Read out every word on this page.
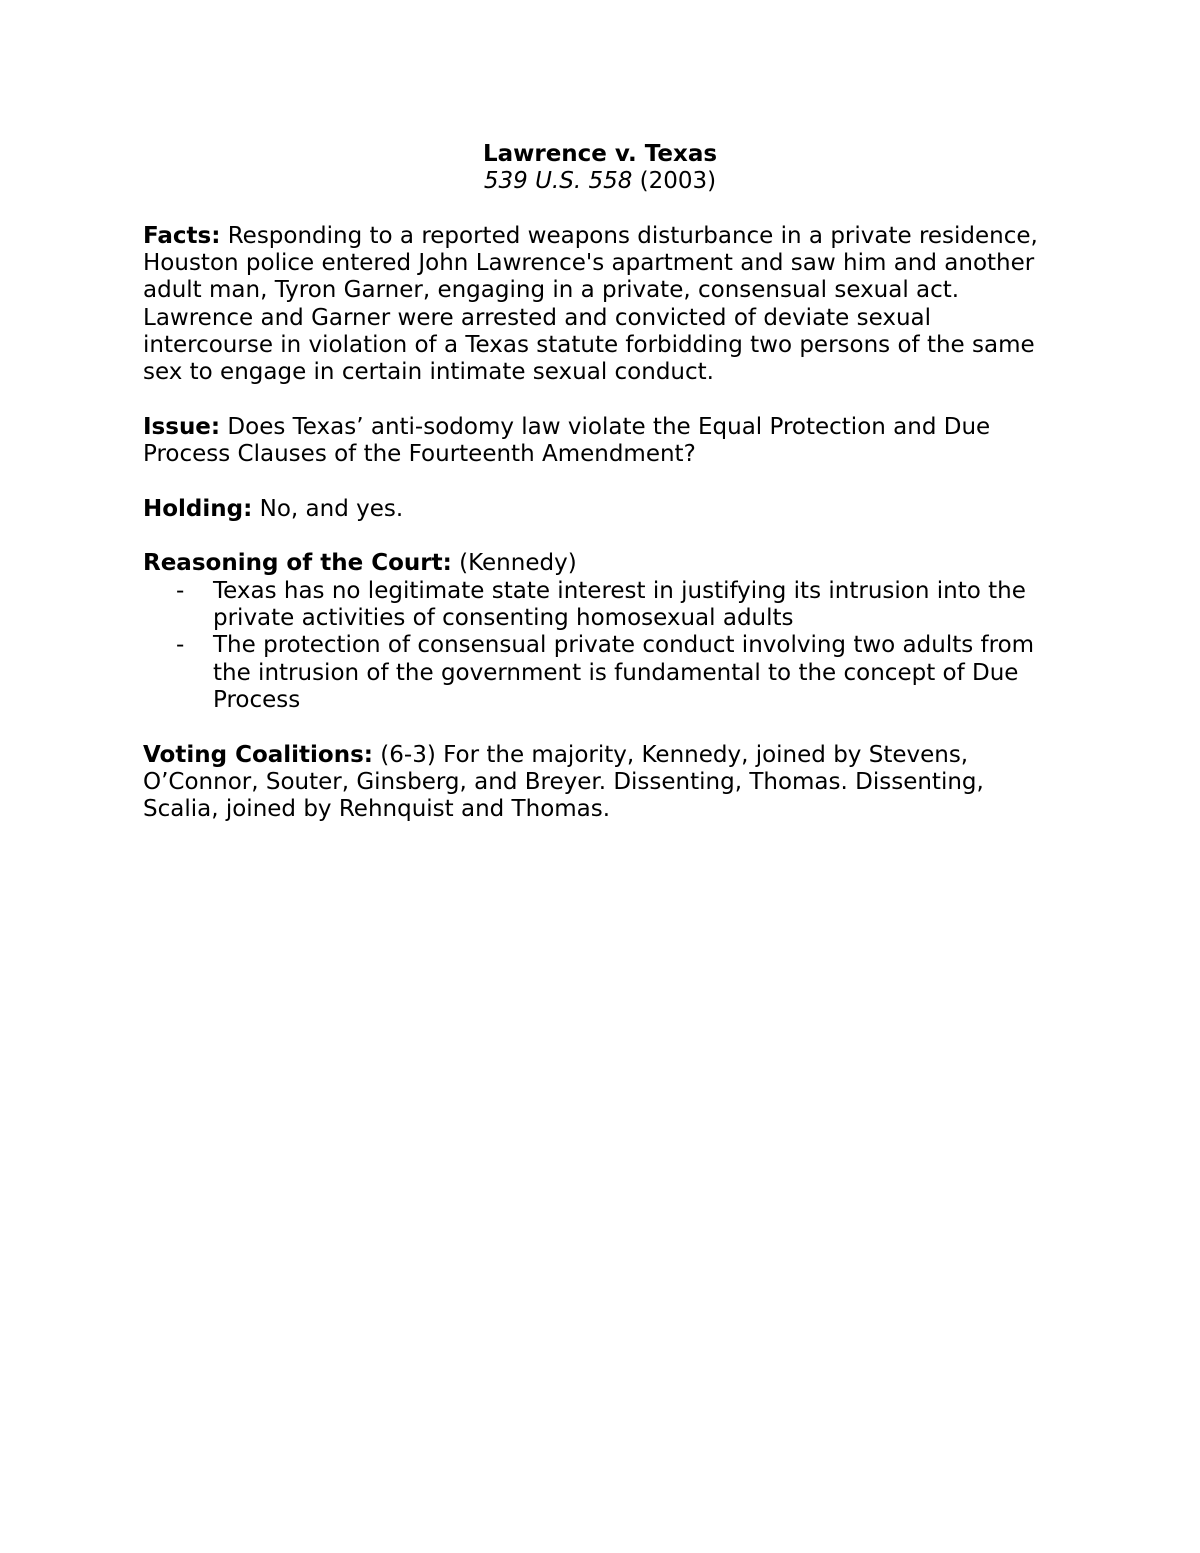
Lawrence v. Texas
539 U.S. 558 (2003)
Facts: Responding to a reported weapons disturbance in a private residence, Houston police entered John Lawrence's apartment and saw him and another adult man, Tyron Garner, engaging in a private, consensual sexual act. Lawrence and Garner were arrested and convicted of deviate sexual intercourse in violation of a Texas statute forbidding two persons of the same sex to engage in certain intimate sexual conduct.
Issue: Does Texas’ anti-sodomy law violate the Equal Protection and Due Process Clauses of the Fourteenth Amendment?
Holding: No, and yes.
Reasoning of the Court: (Kennedy)
- Texas has no legitimate state interest in justifying its intrusion into the private activities of consenting homosexual adults
- The protection of consensual private conduct involving two adults from the intrusion of the government is fundamental to the concept of Due Process
Voting Coalitions: (6-3) For the majority, Kennedy, joined by Stevens, O’Connor, Souter, Ginsberg, and Breyer. Dissenting, Thomas. Dissenting, Scalia, joined by Rehnquist and Thomas.
